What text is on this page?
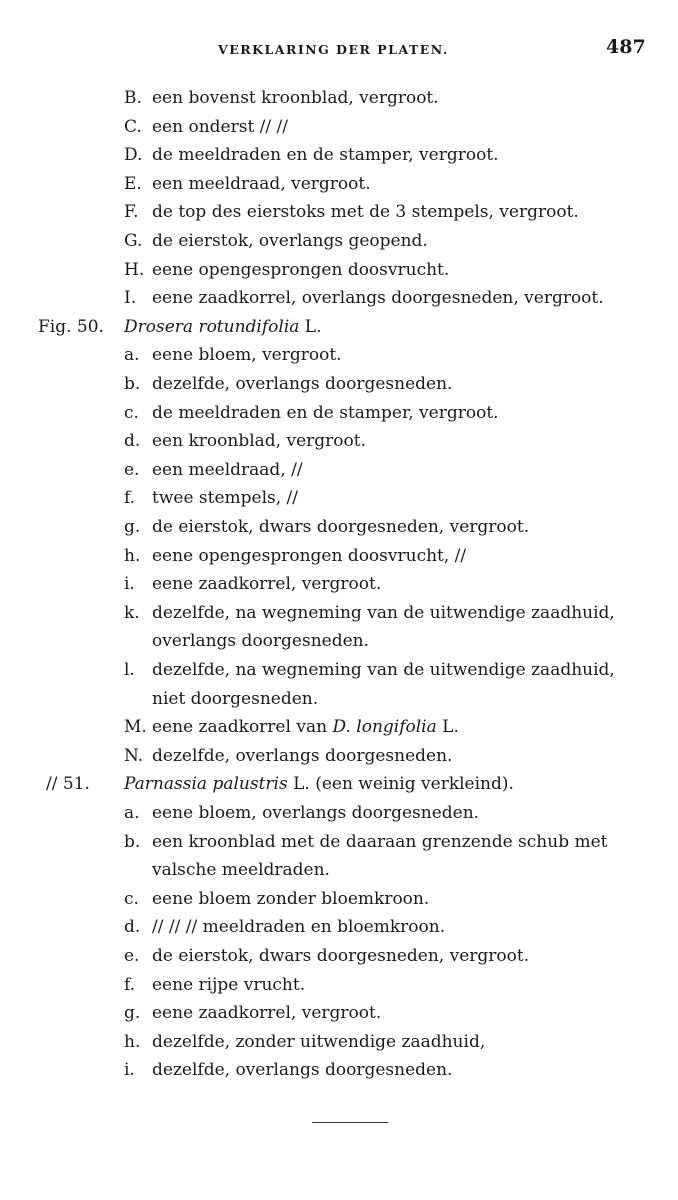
VERKLARING DER PLATEN.	487
B. een bovenst kroonblad, vergroot.
C. een onderst // //
D. de meeldraden en de stamper, vergroot.
E. een meeldraad, vergroot.
F. de top des eierstoks met de 3 stempels, vergroot.
G. de eierstok, overlangs geopend.
H. eene opengesprongen doosvrucht.
I. eene zaadkorrel, overlangs doorgesneden, vergroot.
Fig. 50. Drosera rotundifolia L.
a. eene bloem, vergroot.
b. dezelfde, overlangs doorgesneden.
c. de meeldraden en de stamper, vergroot.
d. een kroonblad, vergroot.
e. een meeldraad, //
f. twee stempels, //
g. de eierstok, dwars doorgesneden, vergroot.
h. eene opengesprongen doosvrucht, //
i. eene zaadkorrel, vergroot.
k. dezelfde, na wegneming van de uitwendige zaadhuid,
overlangs doorgesneden.
l. dezelfde, na wegneming van de uitwendige zaadhuid,
niet doorgesneden.
M. eene zaadkorrel van D. longifolia L.
N. dezelfde, overlangs doorgesneden.
// 51. Parnassia palustris L. (een weinig verkleind).
a. eene bloem, overlangs doorgesneden.
b. een kroonblad met de daaraan grenzende schub met
valsche meeldraden.
c. eene bloem zonder bloemkroon.
d. // // // meeldraden en bloemkroon.
e. de eierstok, dwars doorgesneden, vergroot.
f. eene rijpe vrucht.
g. eene zaadkorrel, vergroot.
h. dezelfde, zonder uitwendige zaadhuid,
i. dezelfde, overlangs doorgesneden.
